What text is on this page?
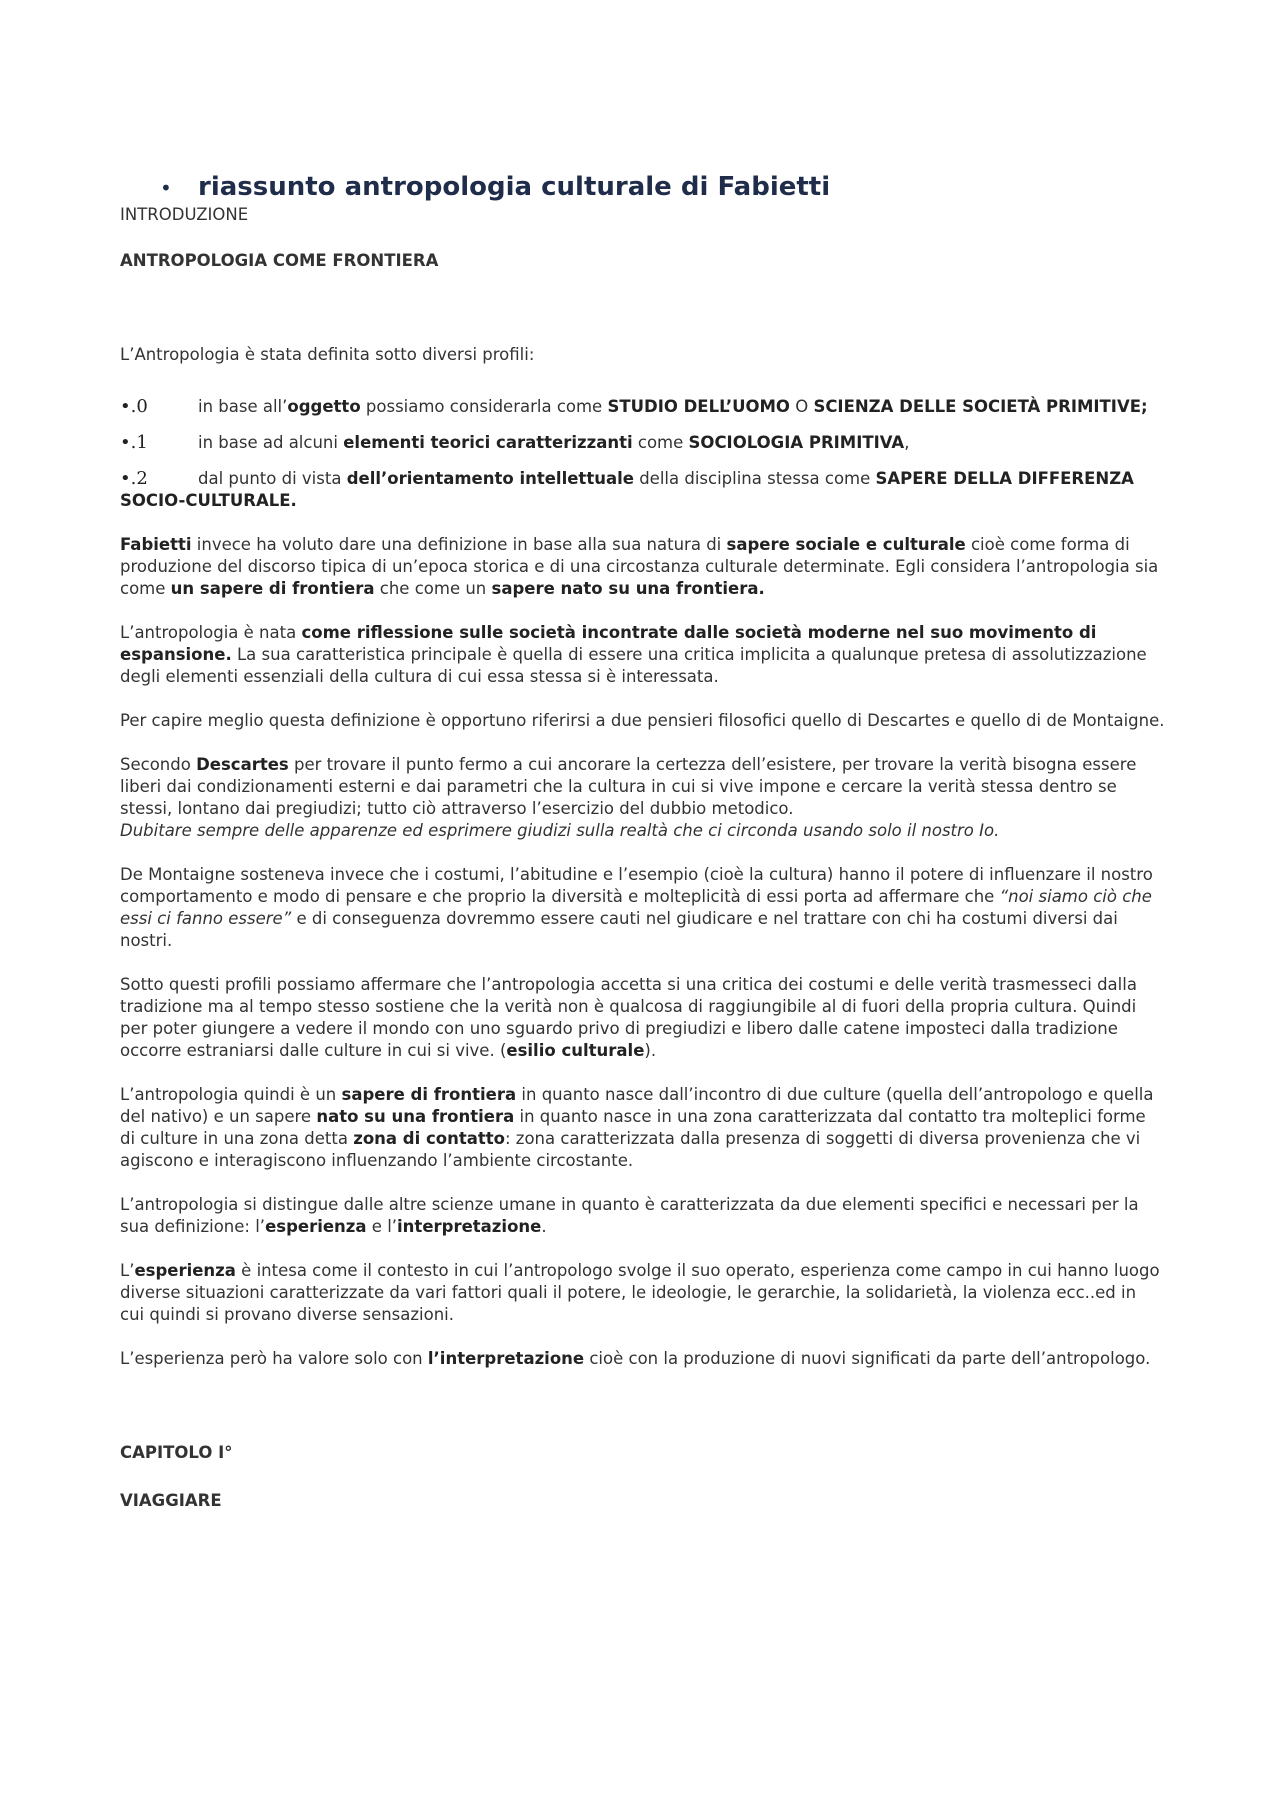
•	riassunto antropologia culturale di Fabietti
INTRODUZIONE
ANTROPOLOGIA COME FRONTIERA

L’Antropologia è stata definita sotto diversi profili:

•.0	in base all’oggetto possiamo considerarla come STUDIO DELL’UOMO O SCIENZA DELLE SOCIETÀ PRIMITIVE;
•.1	in base ad alcuni elementi teorici caratterizzanti come SOCIOLOGIA PRIMITIVA,
•.2	dal punto di vista dell’orientamento intellettuale della disciplina stessa come SAPERE DELLA DIFFERENZA SOCIO-CULTURALE.

Fabietti invece ha voluto dare una definizione in base alla sua natura di sapere sociale e culturale cioè come forma di produzione del discorso tipica di un’epoca storica e di una circostanza culturale determinate. Egli considera l’antropologia sia come un sapere di frontiera che come un sapere nato su una frontiera.

L’antropologia è nata come riflessione sulle società incontrate dalle società moderne nel suo movimento di espansione. La sua caratteristica principale è quella di essere una critica implicita a qualunque pretesa di assolutizzazione degli elementi essenziali della cultura di cui essa stessa si è interessata.

Per capire meglio questa definizione è opportuno riferirsi a due pensieri filosofici quello di Descartes e quello di de Montaigne.

Secondo Descartes per trovare il punto fermo a cui ancorare la certezza dell’esistere, per trovare la verità bisogna essere liberi dai condizionamenti esterni e dai parametri che la cultura in cui si vive impone e cercare la verità stessa dentro se stessi, lontano dai pregiudizi; tutto ciò attraverso l’esercizio del dubbio metodico.
Dubitare sempre delle apparenze ed esprimere giudizi sulla realtà che ci circonda usando solo il nostro Io.

De Montaigne sosteneva invece che i costumi, l’abitudine e l’esempio (cioè la cultura) hanno il potere di influenzare il nostro comportamento e modo di pensare e che proprio la diversità e molteplicità di essi porta ad affermare che “noi siamo ciò che essi ci fanno essere” e di conseguenza dovremmo essere cauti nel giudicare e nel trattare con chi ha costumi diversi dai nostri.

Sotto questi profili possiamo affermare che l’antropologia accetta si una critica dei costumi e delle verità trasmesseci dalla tradizione ma al tempo stesso sostiene che la verità non è qualcosa di raggiungibile al di fuori della propria cultura. Quindi per poter giungere a vedere il mondo con uno sguardo privo di pregiudizi e libero dalle catene imposteci dalla tradizione occorre estraniarsi dalle culture in cui si vive. (esilio culturale).

L’antropologia quindi è un sapere di frontiera in quanto nasce dall’incontro di due culture (quella dell’antropologo e quella del nativo) e un sapere nato su una frontiera in quanto nasce in una zona caratterizzata dal contatto tra molteplici forme di culture in una zona detta zona di contatto: zona caratterizzata dalla presenza di soggetti di diversa provenienza che vi agiscono e interagiscono influenzando l’ambiente circostante.

L’antropologia si distingue dalle altre scienze umane in quanto è caratterizzata da due elementi specifici e necessari per la sua definizione: l’esperienza e l’interpretazione.

L’esperienza è intesa come il contesto in cui l’antropologo svolge il suo operato, esperienza come campo in cui hanno luogo diverse situazioni caratterizzate da vari fattori quali il potere, le ideologie, le gerarchie, la solidarietà, la violenza ecc..ed in cui quindi si provano diverse sensazioni.

L’esperienza però ha valore solo con l’interpretazione cioè con la produzione di nuovi significati da parte dell’antropologo.

CAPITOLO I°
VIAGGIARE
